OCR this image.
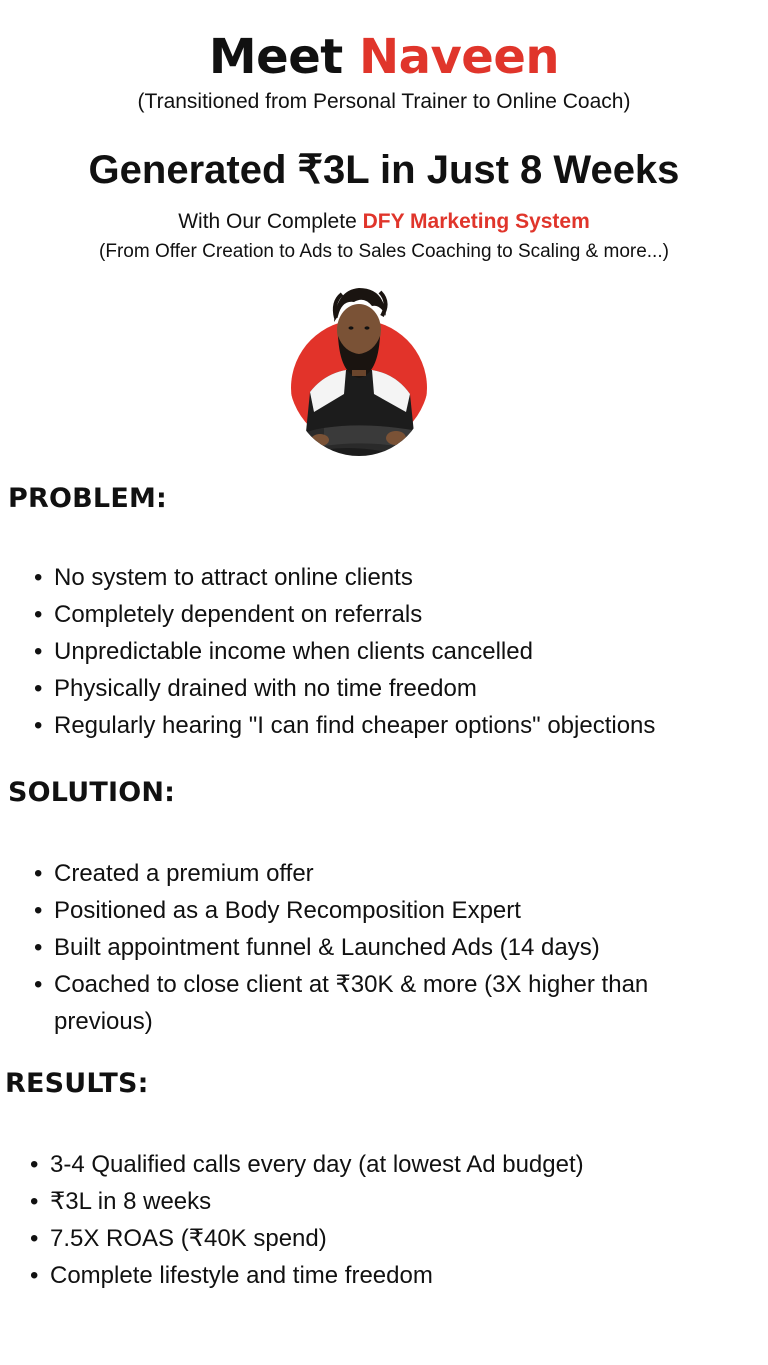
Meet Naveen

(Transitioned from Personal Trainer to Online Coach)

Generated ₹3L in Just 8 Weeks

With Our Complete DFY Marketing System

(From Offer Creation to Ads to Sales Coaching to Scaling & more...)

PROBLEM:
• No system to attract online clients
• Completely dependent on referrals
• Unpredictable income when clients cancelled
• Physically drained with no time freedom
• Regularly hearing "I can find cheaper options" objections
SOLUTION:
• Created a premium offer
• Positioned as a Body Recomposition Expert
• Built appointment funnel & Launched Ads (14 days)
• Coached to close client at ₹30K & more (3X higher than previous)
RESULTS:
• 3-4 Qualified calls every day (at lowest Ad budget)
• ₹3L in 8 weeks
• 7.5X ROAS (₹40K spend)
• Complete lifestyle and time freedom
